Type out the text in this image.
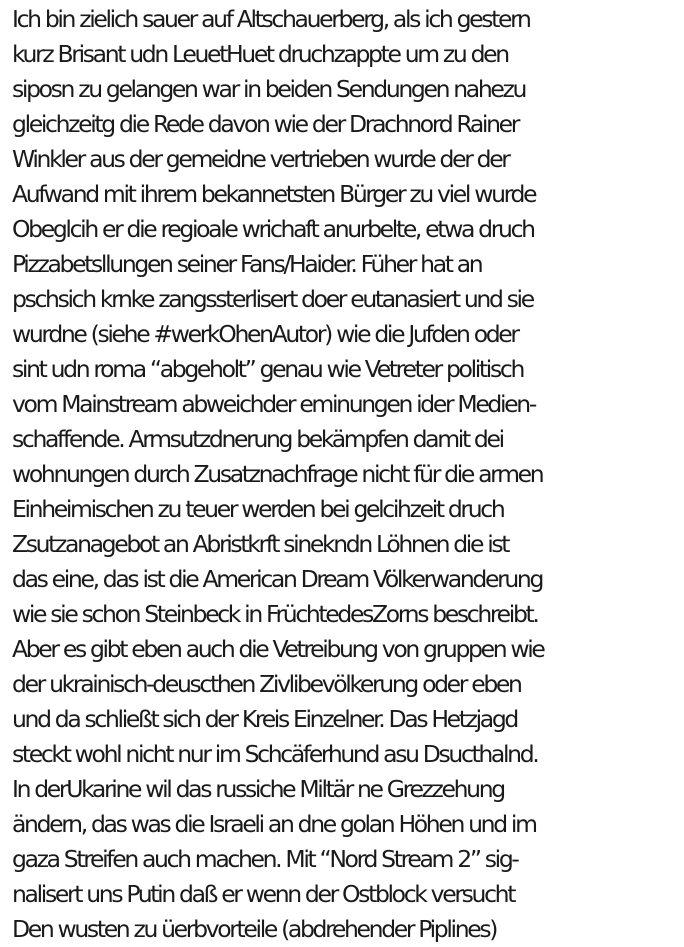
Ich bin zielich sauer auf Altschauerberg, als ich gestern
kurz Brisant udn LeuetHuet druchzappte um zu den
siposn zu gelangen war in beiden Sendungen nahezu
gleichzeitg die Rede davon wie der Drachnord Rainer
Winkler aus der gemeidne vertrieben wurde der der
Aufwand mit ihrem bekannetsten Bürger zu viel wurde
Obeglcih er die regioale wrichaft anurbelte, etwa druch
Pizzabetsllungen seiner Fans/Haider. Füher hat an
pschsich krnke zangssterlisert doer eutanasiert und sie
wurdne (siehe #werkOhenAutor) wie die Jufden oder
sint udn roma “abgeholt” genau wie Vetreter politisch
vom Mainstream abweichder eminungen ider Medien-
schaffende. Armsutzdnerung bekämpfen damit dei
wohnungen durch Zusatznachfrage nicht für die armen
Einheimischen zu teuer werden bei gelcihzeit druch
Zsutzanagebot an Abristkrft sinekndn Löhnen die ist
das eine, das ist die American Dream Völkerwanderung
wie sie schon Steinbeck in FrüchtedesZorns beschreibt.
Aber es gibt eben auch die Vetreibung von gruppen wie
der ukrainisch-deuscthen Zivlibevölkerung oder eben
und da schließt sich der Kreis Einzelner. Das Hetzjagd
steckt wohl nicht nur im Schcäferhund asu Dsucthalnd.
In derUkarine wil das russiche Miltär ne Grezzehung
ändern, das was die Israeli an dne golan Höhen und im
gaza Streifen auch machen. Mit “Nord Stream 2” sig-
nalisert uns Putin daß er wenn der Ostblock versucht
Den wusten zu üerbvorteile (abdrehender Piplines)
